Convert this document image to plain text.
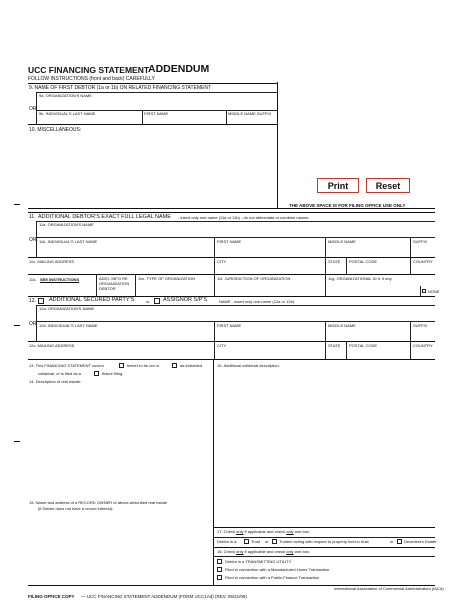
UCC FINANCING STATEMENT
ADDENDUM
FOLLOW INSTRUCTIONS (front and back) CAREFULLY
9. NAME OF FIRST DEBTOR (1a or 1b) ON RELATED FINANCING STATEMENT
9a. ORGANIZATION'S NAME
OR
9b. INDIVIDUAL'S LAST NAME	FIRST NAME	MIDDLE NAME,SUFFIX
10. MISCELLANEOUS:
Print	Reset
THE ABOVE SPACE IS FOR FILING OFFICE USE ONLY
11. ADDITIONAL DEBTOR'S EXACT FULL LEGAL NAME - insert only one name (11a or 11b) - do not abbreviate or combine names
11a. ORGANIZATION'S NAME
OR 11b. INDIVIDUAL'S LAST NAME	FIRST NAME	MIDDLE NAME	SUFFIX
11c. MAILING ADDRESS	CITY	STATE POSTAL CODE	COUNTRY
11d. SEE INSTRUCTIONS	ADD'L INFO RE
ORGANIZATION
DEBTOR
11e. TYPE OF ORGANIZATION	11f. JURISDICTION OF ORGANIZATION	11g. ORGANIZATIONAL ID #, if any
NONE
12. ADDITIONAL SECURED PARTY'S	or ASSIGNOR S/P'S	NAME - insert only one name (12a or 12b)
12a. ORGANIZATION'S NAME
OR 12b. INDIVIDUAL'S LAST NAME	FIRST NAME	MIDDLE NAME	SUFFIX
12c. MAILING ADDRESS	CITY	STATE POSTAL CODE	COUNTRY
13. This FINANCING STATEMENT covers	timber to be cut or	as-extracted
collateral, or is filed as a	fixture filing.
14. Description of real estate:
15. Name and address of a RECORD OWNER of above-described real estate
(if Debtor does not have a record interest):
16. Additional collateral description:
17. Check only if applicable and check only one box.
Debtor is a	Trust or	Trustee acting with respect to property held in trust	or	Decedent's Estate
18. Check only if applicable and check only one box.
Debtor is a TRANSMITTING UTILITY
Filed in connection with a Manufactured-Home Transaction
Filed in connection with a Public-Finance Transaction
International Association of Commercial Administrators (IACA)
FILING OFFICE COPY — UCC FINANCING STATEMENT ADDENDUM (FORM UCC1Ad) (REV. 05/21/09)
